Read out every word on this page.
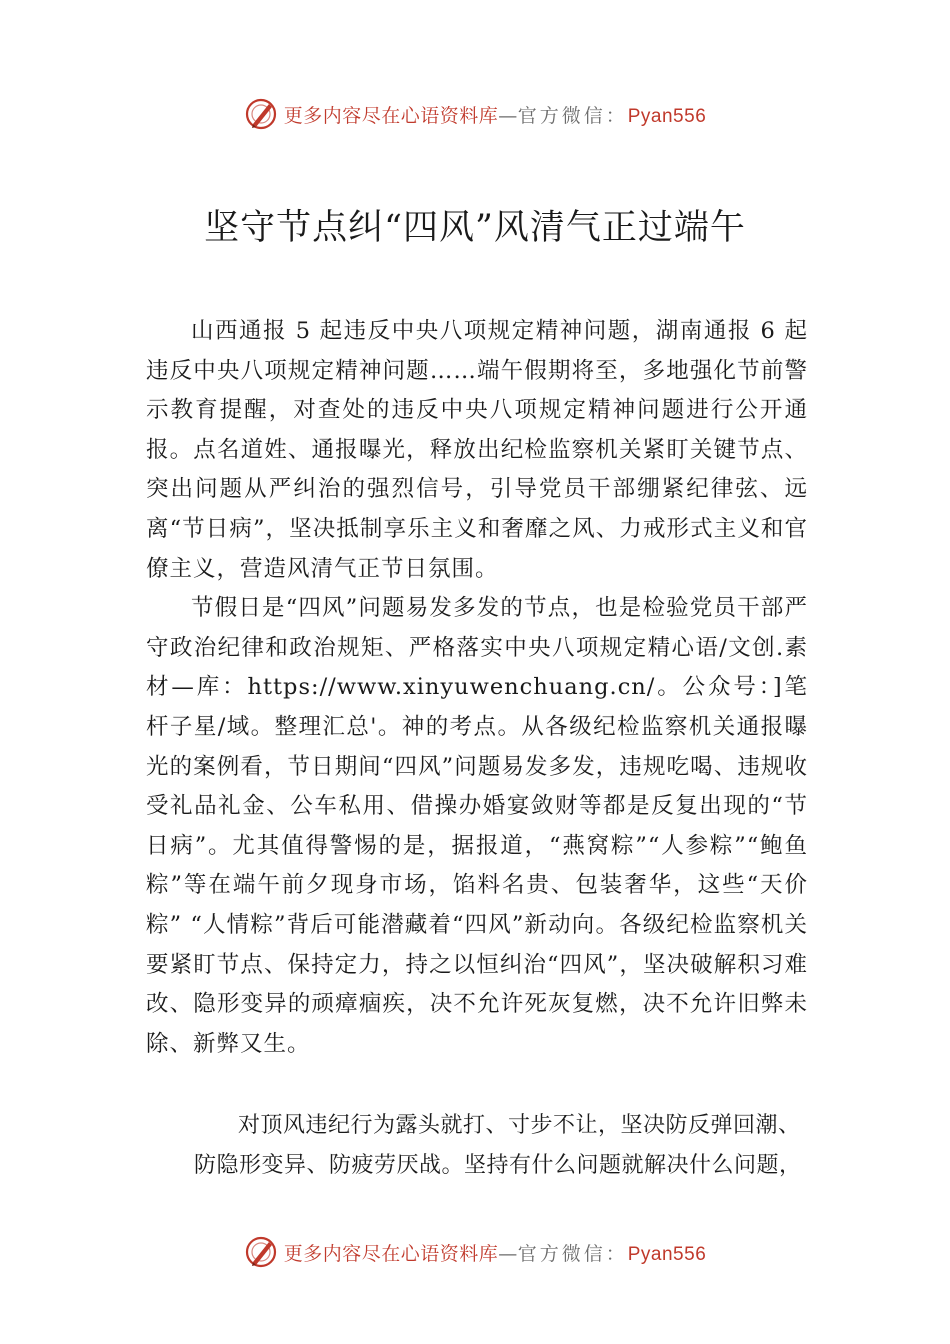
更多内容尽在心语资料库—官方微信：Pyan556
坚守节点纠“四风”风清气正过端午

山西通报 5 起违反中央八项规定精神问题，湖南通报 6 起违反中央八项规定精神问题……端午假期将至，多地强化节前警示教育提醒，对查处的违反中央八项规定精神问题进行公开通报。点名道姓、通报曝光，释放出纪检监察机关紧盯关键节点、突出问题从严纠治的强烈信号，引导党员干部绷紧纪律弦、远离“节日病”，坚决抵制享乐主义和奢靡之风、力戒形式主义和官僚主义，营造风清气正节日氛围。

节假日是“四风”问题易发多发的节点，也是检验党员干部严守政治纪律和政治规矩、严格落实中央八项规定精心语/文创.素材—库：https://www.xinyuwenchuang.cn/。公众号：]笔杆子星/域。整理汇总'。神的考点。从各级纪检监察机关通报曝光的案例看，节日期间“四风”问题易发多发，违规吃喝、违规收受礼品礼金、公车私用、借操办婚宴敛财等都是反复出现的“节日病”。尤其值得警惕的是，据报道，“燕窝粽”“人参粽”“鲍鱼粽”等在端午前夕现身市场，馅料名贵、包装奢华，这些“天价粽” “人情粽”背后可能潜藏着“四风”新动向。各级纪检监察机关要紧盯节点、保持定力，持之以恒纠治“四风”，坚决破解积习难改、隐形变异的顽瘴痼疾，决不允许死灰复燃，决不允许旧弊未除、新弊又生。

对顶风违纪行为露头就打、寸步不让，坚决防反弹回潮、防隐形变异、防疲劳厌战。坚持有什么问题就解决什么问题，

更多内容尽在心语资料库—官方微信：Pyan556
